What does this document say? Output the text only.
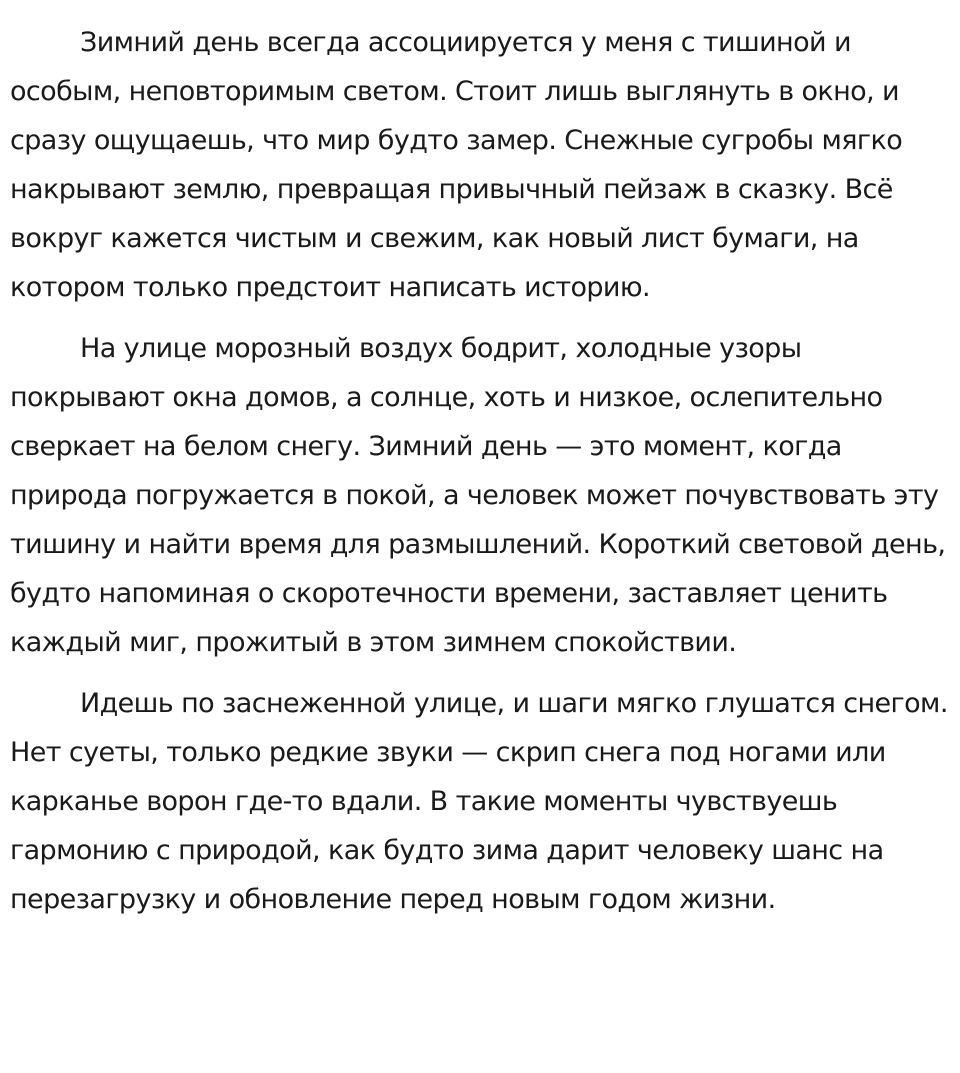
Зимний день всегда ассоциируется у меня с тишиной и особым, неповторимым светом. Стоит лишь выглянуть в окно, и сразу ощущаешь, что мир будто замер. Снежные сугробы мягко накрывают землю, превращая привычный пейзаж в сказку. Всё вокруг кажется чистым и свежим, как новый лист бумаги, на котором только предстоит написать историю.

На улице морозный воздух бодрит, холодные узоры покрывают окна домов, а солнце, хоть и низкое, ослепительно сверкает на белом снегу. Зимний день — это момент, когда природа погружается в покой, а человек может почувствовать эту тишину и найти время для размышлений. Короткий световой день, будто напоминая о скоротечности времени, заставляет ценить каждый миг, прожитый в этом зимнем спокойствии.

Идешь по заснеженной улице, и шаги мягко глушатся снегом. Нет суеты, только редкие звуки — скрип снега под ногами или карканье ворон где-то вдали. В такие моменты чувствуешь гармонию с природой, как будто зима дарит человеку шанс на перезагрузку и обновление перед новым годом жизни.
